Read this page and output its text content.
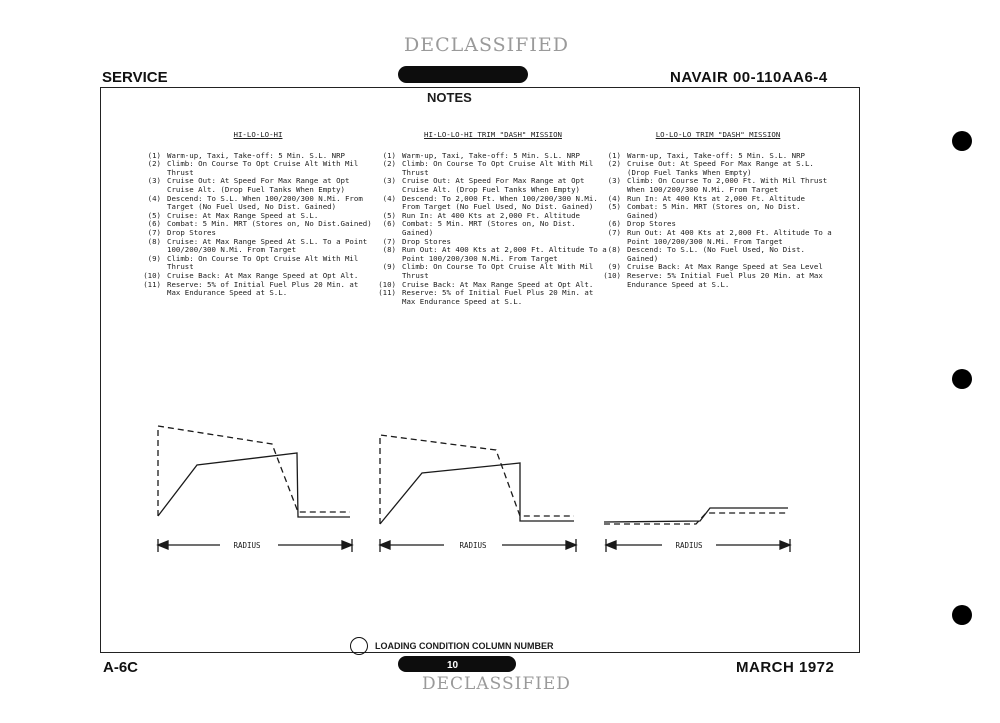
DECLASSIFIED
DECLASSIFIED
SERVICE	NAVAIR 00-110AA6-4
NOTES
HI-LO-LO-HI
(1) Warm-up, Taxi, Take-off: 5 Min. S.L. NRP
(2) Climb: On Course To Opt Cruise Alt With Mil Thrust
(3) Cruise Out: At Speed For Max Range at Opt Cruise Alt. (Drop Fuel Tanks When Empty)
(4) Descend: To S.L. When 100/200/300 N.Mi. From Target (No Fuel Used, No Dist. Gained)
(5) Cruise: At Max Range Speed at S.L.
(6) Combat: 5 Min. MRT (Stores on, No Dist.Gained)
(7) Drop Stores
(8) Cruise: At Max Range Speed At S.L. To a Point 100/200/300 N.Mi. From Target
(9) Climb: On Course To Opt Cruise Alt With Mil Thrust
(10) Cruise Back: At Max Range Speed at Opt Alt.
(11) Reserve: 5% of Initial Fuel Plus 20 Min. at Max Endurance Speed at S.L.
HI-LO-LO-HI TRIM "DASH" MISSION
(1) Warm-up, Taxi, Take-off: 5 Min. S.L. NRP
(2) Climb: On Course To Opt Cruise Alt With Mil Thrust
(3) Cruise Out: At Speed For Max Range at Opt Cruise Alt. (Drop Fuel Tanks When Empty)
(4) Descend: To 2,000 Ft. When 100/200/300 N.Mi. From Target (No Fuel Used, No Dist. Gained)
(5) Run In: At 400 Kts at 2,000 Ft. Altitude
(6) Combat: 5 Min. MRT (Stores on, No Dist. Gained)
(7) Drop Stores
(8) Run Out: At 400 Kts at 2,000 Ft. Altitude To a Point 100/200/300 N.Mi. From Target
(9) Climb: On Course To Opt Cruise Alt With Mil Thrust
(10) Cruise Back: At Max Range Speed at Opt Alt.
(11) Reserve: 5% of Initial Fuel Plus 20 Min. at Max Endurance Speed at S.L.
LO-LO-LO TRIM "DASH" MISSION
(1) Warm-up, Taxi, Take-off: 5 Min. S.L. NRP
(2) Cruise Out: At Speed For Max Range at S.L. (Drop Fuel Tanks When Empty)
(3) Climb: On Course To 2,000 Ft. With Mil Thrust When 100/200/300 N.Mi. From Target
(4) Run In: At 400 Kts at 2,000 Ft. Altitude
(5) Combat: 5 Min. MRT (Stores on, No Dist. Gained)
(6) Drop Stores
(7) Run Out: At 400 Kts at 2,000 Ft. Altitude To a Point 100/200/300 N.Mi. From Target
(8) Descend: To S.L. (No Fuel Used, No Dist. Gained)
(9) Cruise Back: At Max Range Speed at Sea Level
(10) Reserve: 5% Initial Fuel Plus 20 Min. at Max Endurance Speed at S.L.
RADIUS	RADIUS	RADIUS
LOADING CONDITION COLUMN NUMBER
A-6C	MARCH 1972
10
